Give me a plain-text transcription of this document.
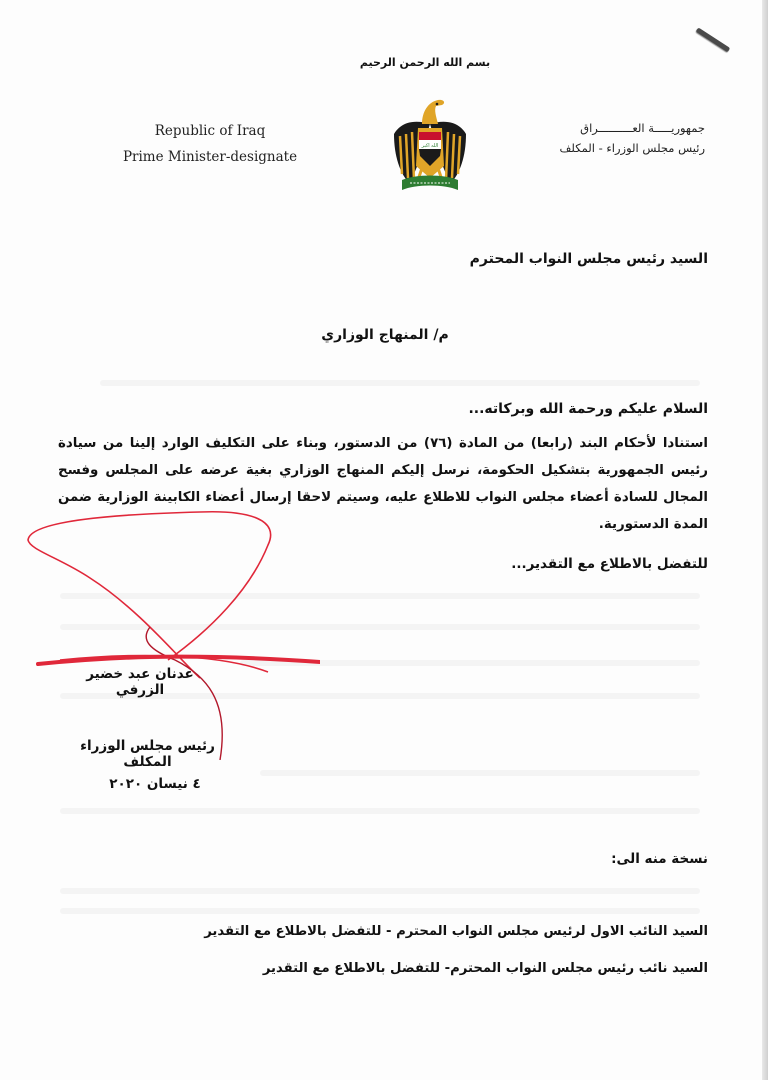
بسم الله الرحمن الرحيم
Republic of Iraq
Prime Minister-designate
جمهوريـــــة العــــــــــراق
رئيس مجلس الوزراء - المكلف
الله اكبر
السيد رئيس مجلس النواب المحترم
م/ المنهاج الوزاري
السلام عليكم ورحمة الله وبركاته...
استنادا لأحكام البند (رابعا) من المادة (٧٦) من الدستور، وبناء على التكليف الوارد إلينا من سيادة رئيس الجمهورية بتشكيل الحكومة، نرسل إليكم المنهاج الوزاري بغية عرضه على المجلس وفسح المجال للسادة أعضاء مجلس النواب للاطلاع عليه، وسيتم لاحقا إرسال أعضاء الكابينة الوزارية ضمن المدة الدستورية.
للتفضل بالاطلاع مع التقدير...
عدنان عبد خضير الزرفي
رئيس مجلس الوزراء المكلف
٤ نيسان ٢٠٢٠
نسخة منه الى:
السيد النائب الاول لرئيس مجلس النواب المحترم - للتفضل بالاطلاع مع التقدير
السيد نائب رئيس مجلس النواب المحترم- للتفضل بالاطلاع مع التقدير
